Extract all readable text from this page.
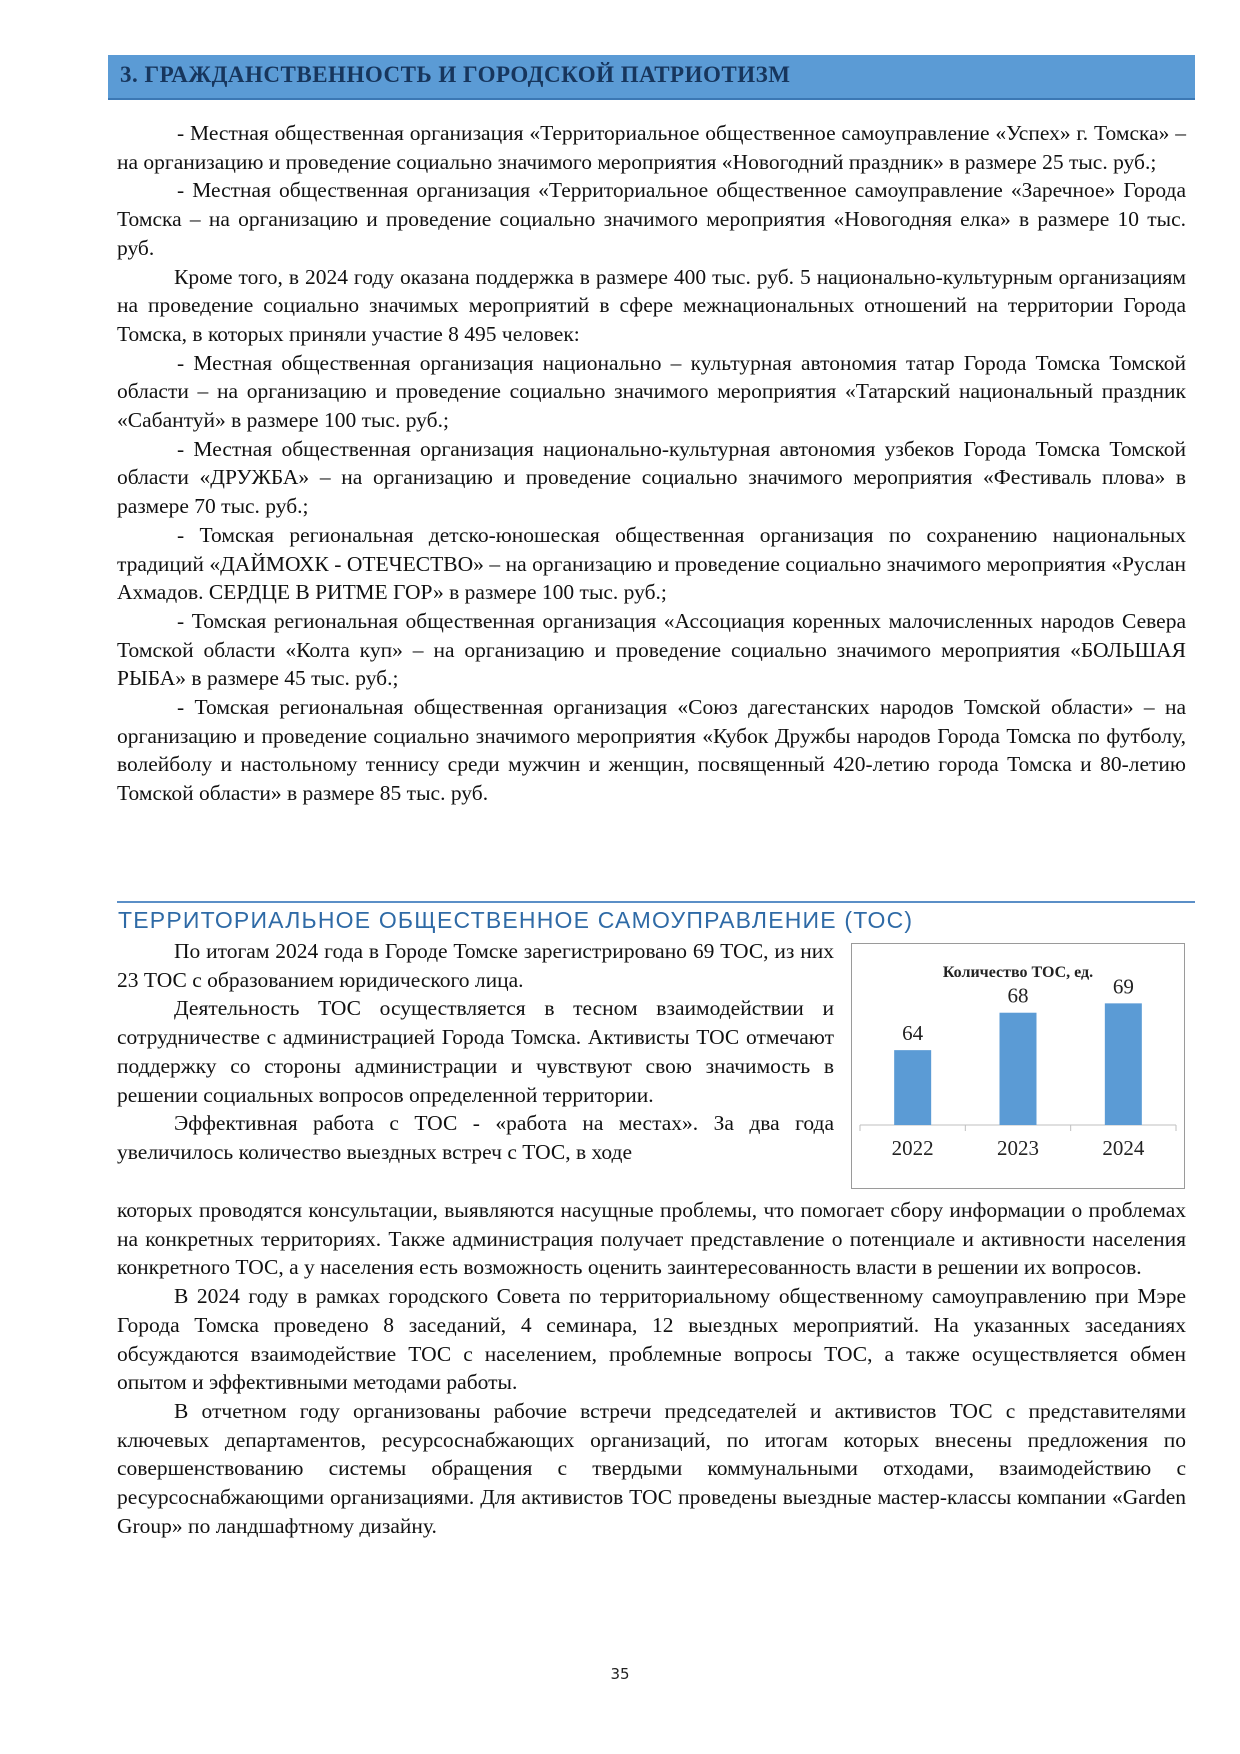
3. ГРАЖДАНСТВЕННОСТЬ И ГОРОДСКОЙ ПАТРИОТИЗМ

- Местная общественная организация «Территориальное общественное самоуправление «Успех» г. Томска» – на организацию и проведение социально значимого мероприятия «Новогодний праздник» в размере 25 тыс. руб.;

- Местная общественная организация «Территориальное общественное самоуправление «Заречное» Города Томска – на организацию и проведение социально значимого мероприятия «Новогодняя елка» в размере 10 тыс. руб.

Кроме того, в 2024 году оказана поддержка в размере 400 тыс. руб. 5 национально-культурным организациям на проведение социально значимых мероприятий в сфере межнациональных отношений на территории Города Томска, в которых приняли участие 8 495 человек:

- Местная общественная организация национально – культурная автономия татар Города Томска Томской области – на организацию и проведение социально значимого мероприятия «Татарский национальный праздник «Сабантуй» в размере 100 тыс. руб.;

- Местная общественная организация национально-культурная автономия узбеков Города Томска Томской области «ДРУЖБА» – на организацию и проведение социально значимого мероприятия «Фестиваль плова» в размере 70 тыс. руб.;

- Томская региональная детско-юношеская общественная организация по сохранению национальных традиций «ДАЙМОХК - ОТЕЧЕСТВО» – на организацию и проведение социально значимого мероприятия «Руслан Ахмадов. СЕРДЦЕ В РИТМЕ ГОР» в размере 100 тыс. руб.;

- Томская региональная общественная организация «Ассоциация коренных малочисленных народов Севера Томской области «Колта куп» – на организацию и проведение социально значимого мероприятия «БОЛЬШАЯ РЫБА» в размере 45 тыс. руб.;

- Томская региональная общественная организация «Союз дагестанских народов Томской области» – на организацию и проведение социально значимого мероприятия «Кубок Дружбы народов Города Томска по футболу, волейболу и настольному теннису среди мужчин и женщин, посвященный 420-летию города Томска и 80-летию Томской области» в размере 85 тыс. руб.

ТЕРРИТОРИАЛЬНОЕ ОБЩЕСТВЕННОЕ САМОУПРАВЛЕНИЕ (ТОС)

По итогам 2024 года в Городе Томске зарегистрировано 69 ТОС, из них 23 ТОС с образованием юридического лица.

Деятельность ТОС осуществляется в тесном взаимодействии и сотрудничестве с администрацией Города Томска. Активисты ТОС отмечают поддержку со стороны администрации и чувствуют свою значимость в решении социальных вопросов определенной территории.

Эффективная работа с ТОС - «работа на местах». За два года увеличилось количество выездных встреч с ТОС, в ходе

Количество ТОС, ед.
64
2022
68
2023
69
2024

которых проводятся консультации, выявляются насущные проблемы, что помогает сбору информации о проблемах на конкретных территориях. Также администрация получает представление о потенциале и активности населения конкретного ТОС, а у населения есть возможность оценить заинтересованность власти в решении их вопросов.

В 2024 году в рамках городского Совета по территориальному общественному самоуправлению при Мэре Города Томска проведено 8 заседаний, 4 семинара, 12 выездных мероприятий. На указанных заседаниях обсуждаются взаимодействие ТОС с населением, проблемные вопросы ТОС, а также осуществляется обмен опытом и эффективными методами работы.

В отчетном году организованы рабочие встречи председателей и активистов ТОС с представителями ключевых департаментов, ресурсоснабжающих организаций, по итогам которых внесены предложения по совершенствованию системы обращения с твердыми коммунальными отходами, взаимодействию с ресурсоснабжающими организациями. Для активистов ТОС проведены выездные мастер-классы компании «Garden Group» по ландшафтному дизайну.

35
